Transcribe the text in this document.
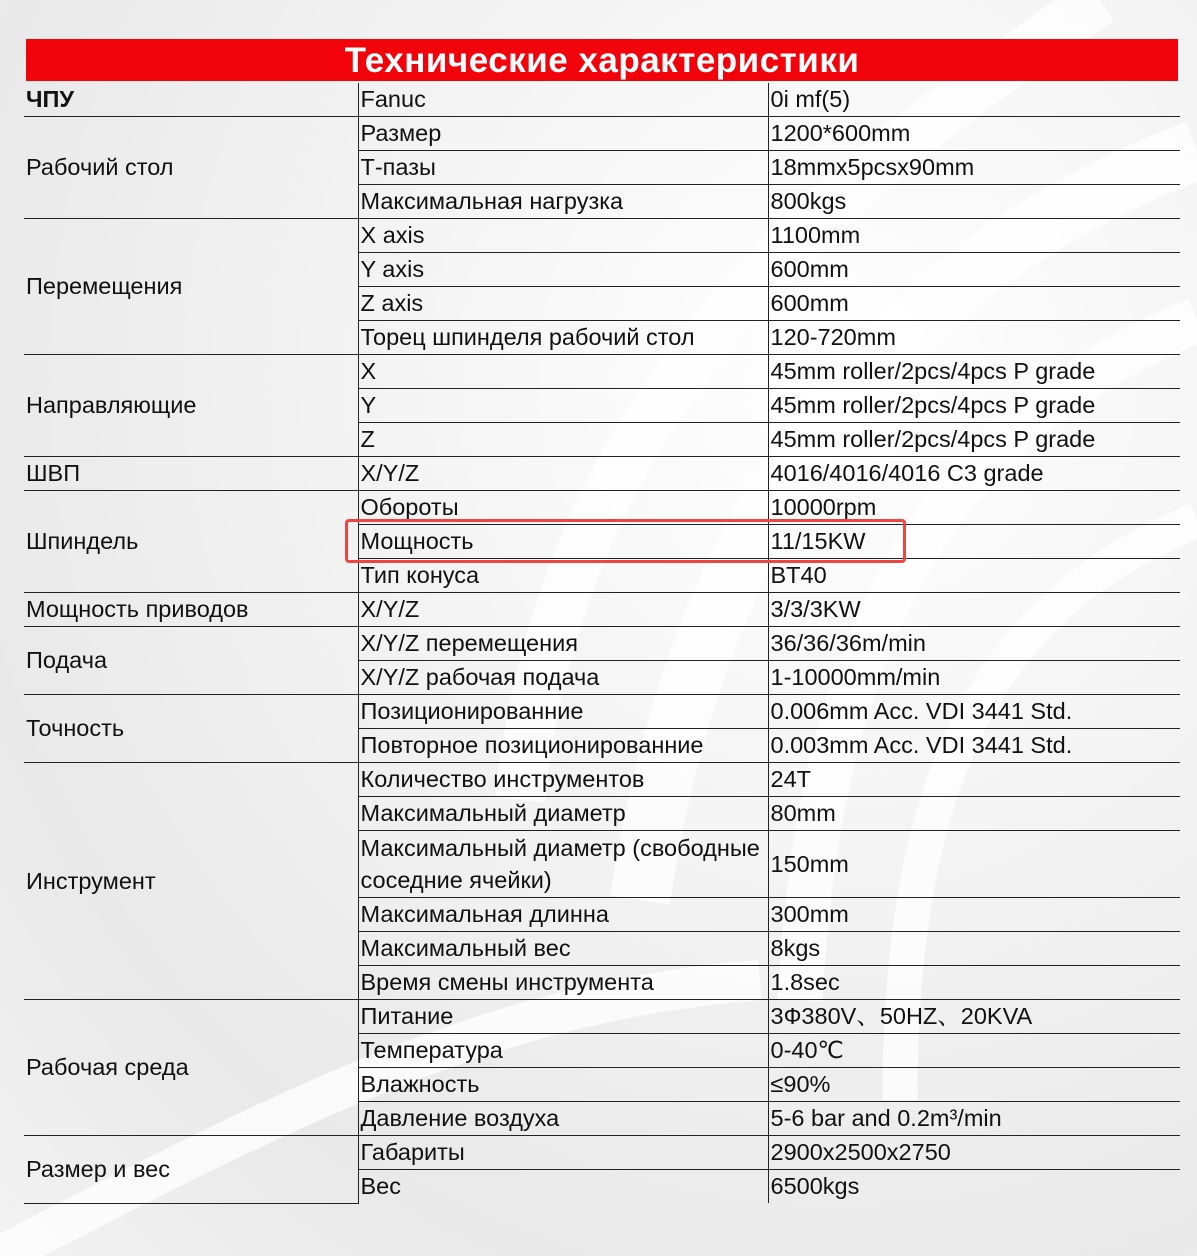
Технические характеристики
ЧПУ	Fanuc	0i mf(5)
Рабочий стол	Размер	1200*600mm
	Т-пазы	18mmx5pcsx90mm
	Максимальная нагрузка	800kgs
Перемещения	X axis	1100mm
	Y axis	600mm
	Z axis	600mm
	Торец шпинделя рабочий стол	120-720mm
Направляющие	X	45mm roller/2pcs/4pcs P grade
	Y	45mm roller/2pcs/4pcs P grade
	Z	45mm roller/2pcs/4pcs P grade
ШВП	X/Y/Z	4016/4016/4016 C3 grade
Шпиндель	Обороты	10000rpm
	Мощность	11/15KW
	Тип конуса	BT40
Мощность приводов	X/Y/Z	3/3/3KW
Подача	X/Y/Z перемещения	36/36/36m/min
	X/Y/Z рабочая подача	1-10000mm/min
Точность	Позиционированние	0.006mm Acc. VDI 3441 Std.
	Повторное позиционированние	0.003mm Acc. VDI 3441 Std.
Инструмент	Количество инструментов	24T
	Максимальный диаметр	80mm
	Максимальный диаметр (свободные соседние ячейки)	150mm
	Максимальная длинна	300mm
	Максимальный вес	8kgs
	Время смены инструмента	1.8sec
Рабочая среда	Питание	3Ф380V、50HZ、20KVA
	Температура	0-40℃
	Влажность	≤90%
	Давление воздуха	5-6 bar and 0.2m³/min
Размер и вес	Габариты	2900x2500x2750
	Вес	6500kgs
